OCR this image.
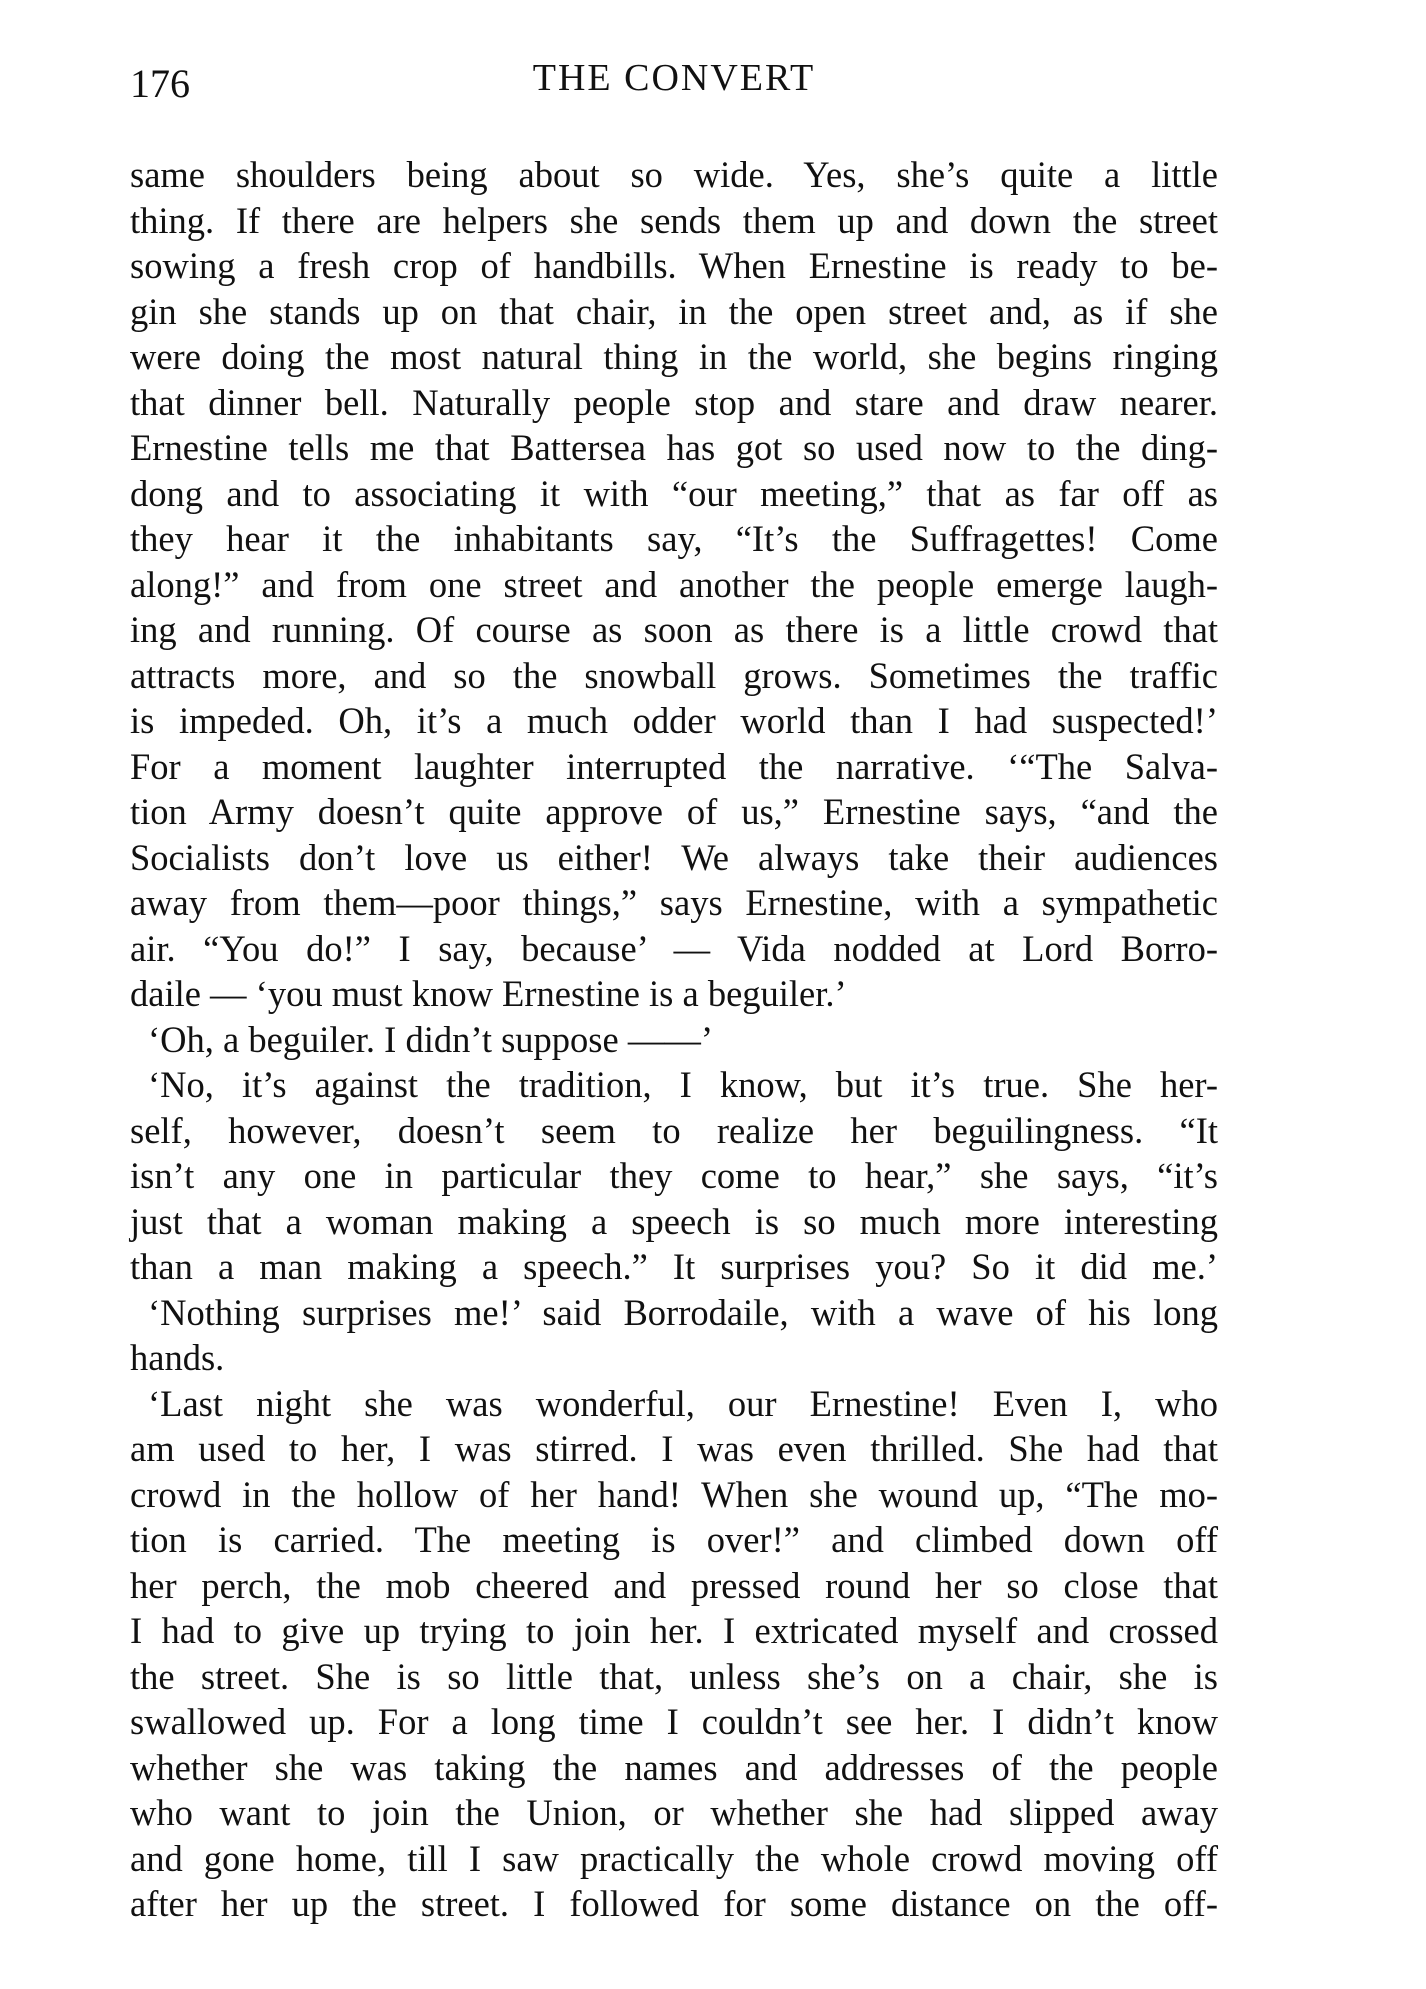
176	THE CONVERT
same shoulders being about so wide. Yes, she’s quite a little
thing. If there are helpers she sends them up and down the street
sowing a fresh crop of handbills. When Ernestine is ready to be-
gin she stands up on that chair, in the open street and, as if she
were doing the most natural thing in the world, she begins ringing
that dinner bell. Naturally people stop and stare and draw nearer.
Ernestine tells me that Battersea has got so used now to the ding-
dong and to associating it with “our meeting,” that as far off as
they hear it the inhabitants say, “It’s the Suffragettes! Come
along!” and from one street and another the people emerge laugh-
ing and running. Of course as soon as there is a little crowd that
attracts more, and so the snowball grows. Sometimes the traffic
is impeded. Oh, it’s a much odder world than I had suspected!’
For a moment laughter interrupted the narrative. ‘“The Salva-
tion Army doesn’t quite approve of us,” Ernestine says, “and the
Socialists don’t love us either! We always take their audiences
away from them—poor things,” says Ernestine, with a sympathetic
air. “You do!” I say, because’ — Vida nodded at Lord Borro-
daile — ‘you must know Ernestine is a beguiler.’
‘Oh, a beguiler. I didn’t suppose ——’
‘No, it’s against the tradition, I know, but it’s true. She her-
self, however, doesn’t seem to realize her beguilingness. “It
isn’t any one in particular they come to hear,” she says, “it’s
just that a woman making a speech is so much more interesting
than a man making a speech.” It surprises you? So it did me.’
‘Nothing surprises me!’ said Borrodaile, with a wave of his long
hands.
‘Last night she was wonderful, our Ernestine! Even I, who
am used to her, I was stirred. I was even thrilled. She had that
crowd in the hollow of her hand! When she wound up, “The mo-
tion is carried. The meeting is over!” and climbed down off
her perch, the mob cheered and pressed round her so close that
I had to give up trying to join her. I extricated myself and crossed
the street. She is so little that, unless she’s on a chair, she is
swallowed up. For a long time I couldn’t see her. I didn’t know
whether she was taking the names and addresses of the people
who want to join the Union, or whether she had slipped away
and gone home, till I saw practically the whole crowd moving off
after her up the street. I followed for some distance on the off-
